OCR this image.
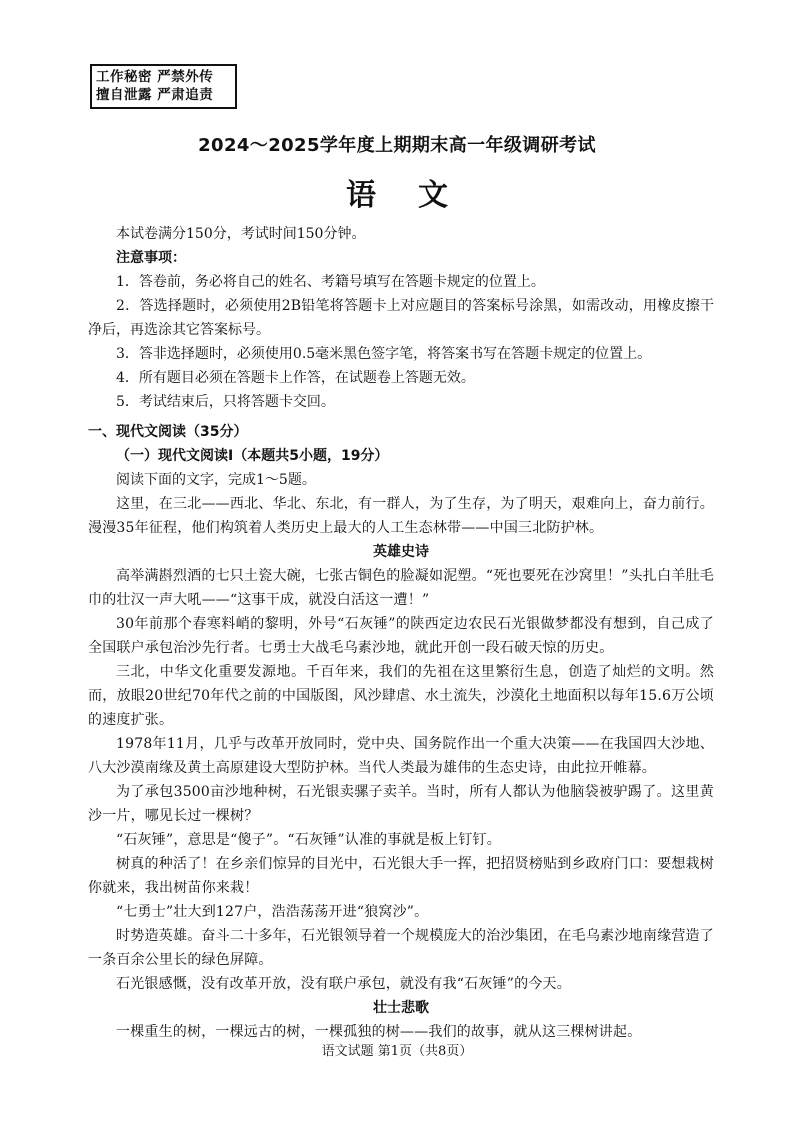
工作秘密 严禁外传
擅自泄露 严肃追责
2024～2025学年度上期期末高一年级调研考试
语文

本试卷满分150分，考试时间150分钟。

注意事项：

1．答卷前，务必将自己的姓名、考籍号填写在答题卡规定的位置上。

2．答选择题时，必须使用2B铅笔将答题卡上对应题目的答案标号涂黑，如需改动，用橡皮擦干净后，再选涂其它答案标号。

3．答非选择题时，必须使用0.5毫米黑色签字笔，将答案书写在答题卡规定的位置上。

4．所有题目必须在答题卡上作答，在试题卷上答题无效。

5．考试结束后，只将答题卡交回。

一、现代文阅读（35分）

（一）现代文阅读Ⅰ（本题共5小题，19分）

阅读下面的文字，完成1～5题。

这里，在三北——西北、华北、东北，有一群人，为了生存，为了明天，艰难向上，奋力前行。漫漫35年征程，他们构筑着人类历史上最大的人工生态林带——中国三北防护林。

英雄史诗

高举满斟烈酒的七只土瓷大碗，七张古铜色的脸凝如泥塑。“死也要死在沙窝里！”头扎白羊肚毛巾的壮汉一声大吼——“这事干成，就没白活这一遭！”

30年前那个春寒料峭的黎明，外号“石灰锤”的陕西定边农民石光银做梦都没有想到，自己成了全国联户承包治沙先行者。七勇士大战毛乌素沙地，就此开创一段石破天惊的历史。

三北，中华文化重要发源地。千百年来，我们的先祖在这里繁衍生息，创造了灿烂的文明。然而，放眼20世纪70年代之前的中国版图，风沙肆虐、水土流失，沙漠化土地面积以每年15.6万公顷的速度扩张。

1978年11月，几乎与改革开放同时，党中央、国务院作出一个重大决策——在我国四大沙地、八大沙漠南缘及黄土高原建设大型防护林。当代人类最为雄伟的生态史诗，由此拉开帷幕。

为了承包3500亩沙地种树，石光银卖骡子卖羊。当时，所有人都认为他脑袋被驴踢了。这里黄沙一片，哪见长过一棵树？

“石灰锤”，意思是“傻子”。“石灰锤”认准的事就是板上钉钉。

树真的种活了！在乡亲们惊异的目光中，石光银大手一挥，把招贤榜贴到乡政府门口：要想栽树你就来，我出树苗你来栽！

“七勇士”壮大到127户，浩浩荡荡开进“狼窝沙”。

时势造英雄。奋斗二十多年，石光银领导着一个规模庞大的治沙集团，在毛乌素沙地南缘营造了一条百余公里长的绿色屏障。

石光银感慨，没有改革开放，没有联户承包，就没有我“石灰锤”的今天。

壮士悲歌

一棵重生的树，一棵远古的树，一棵孤独的树——我们的故事，就从这三棵树讲起。

语文试题 第1页（共8页）
